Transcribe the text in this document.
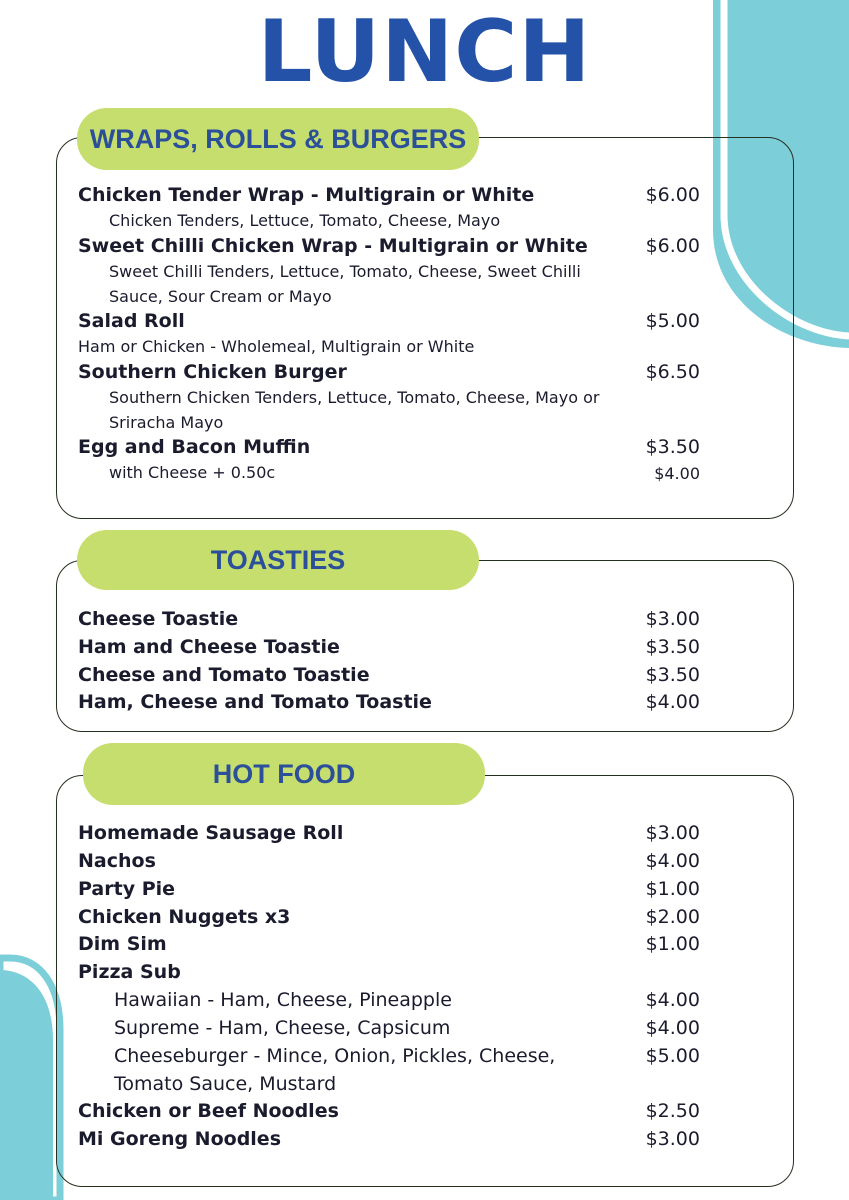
LUNCH
WRAPS, ROLLS & BURGERS
Chicken Tender Wrap - Multigrain or White	$6.00
Chicken Tenders, Lettuce, Tomato, Cheese, Mayo
Sweet Chilli Chicken Wrap - Multigrain or White	$6.00
Sweet Chilli Tenders, Lettuce, Tomato, Cheese, Sweet Chilli Sauce, Sour Cream or Mayo
Salad Roll	$5.00
Ham or Chicken - Wholemeal, Multigrain or White
Southern Chicken Burger	$6.50
Southern Chicken Tenders, Lettuce, Tomato, Cheese, Mayo or Sriracha Mayo
Egg and Bacon Muffin	$3.50
with Cheese + 0.50c	$4.00
TOASTIES
Cheese Toastie	$3.00
Ham and Cheese Toastie	$3.50
Cheese and Tomato Toastie	$3.50
Ham, Cheese and Tomato Toastie	$4.00
HOT FOOD
Homemade Sausage Roll	$3.00
Nachos	$4.00
Party Pie	$1.00
Chicken Nuggets x3	$2.00
Dim Sim	$1.00
Pizza Sub
Hawaiian - Ham, Cheese, Pineapple	$4.00
Supreme - Ham, Cheese, Capsicum	$4.00
Cheeseburger - Mince, Onion, Pickles, Cheese,	$5.00
Tomato Sauce, Mustard
Chicken or Beef Noodles	$2.50
Mi Goreng Noodles	$3.00
